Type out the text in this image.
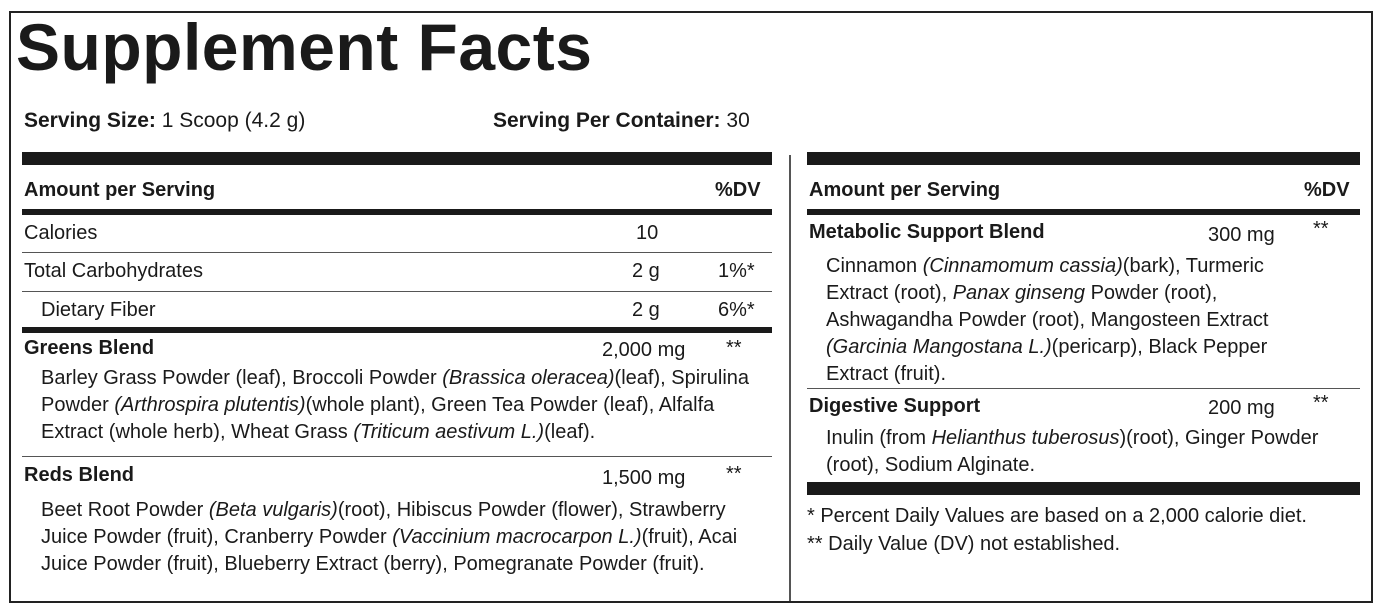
Supplement Facts
Serving Size: 1 Scoop (4.2 g)	Serving Per Container: 30
Amount per Serving	%DV
Calories	10
Total Carbohydrates	2 g	1%*
Dietary Fiber	2 g	6%*
Greens Blend	2,000 mg **
Barley Grass Powder (leaf), Broccoli Powder (Brassica oleracea)(leaf), Spirulina Powder (Arthrospira plutentis)(whole plant), Green Tea Powder (leaf), Alfalfa Extract (whole herb), Wheat Grass (Triticum aestivum L.)(leaf).
Reds Blend	1,500 mg **
Beet Root Powder (Beta vulgaris)(root), Hibiscus Powder (flower), Strawberry Juice Powder (fruit), Cranberry Powder (Vaccinium macrocarpon L.)(fruit), Acai Juice Powder (fruit), Blueberry Extract (berry), Pomegranate Powder (fruit).
Amount per Serving	%DV
Metabolic Support Blend	300 mg **
Cinnamon (Cinnamomum cassia)(bark), Turmeric Extract (root), Panax ginseng Powder (root), Ashwagandha Powder (root), Mangosteen Extract (Garcinia Mangostana L.)(pericarp), Black Pepper Extract (fruit).
Digestive Support	200 mg **
Inulin (from Helianthus tuberosus)(root), Ginger Powder (root), Sodium Alginate.
* Percent Daily Values are based on a 2,000 calorie diet.
** Daily Value (DV) not established.
